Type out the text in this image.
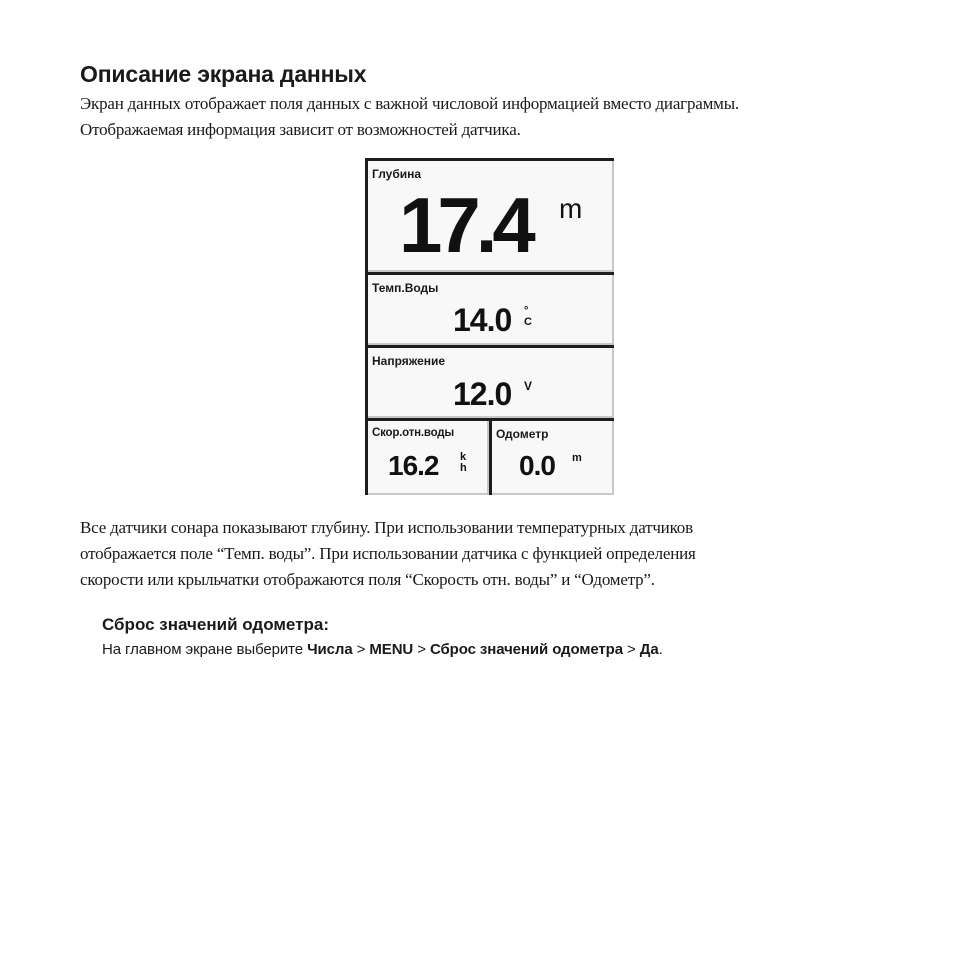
Описание экрана данных

Экран данных отображает поля данных с важной числовой информацией вместо диаграммы.
Отображаемая информация зависит от возможностей датчика.

Глубина
17.4 m
Темп.Воды
14.0 °
C
Напряжение
12.0 V
Скор.отн.воды
16.2 k
h
Одометр
0.0 m

Все датчики сонара показывают глубину. При использовании температурных датчиков
отображается поле “Темп. воды”. При использовании датчика с функцией определения
скорости или крыльчатки отображаются поля “Скорость отн. воды” и “Одометр”.

Сброс значений одометра:

На главном экране выберите Числа > MENU > Сброс значений одометра > Да.
